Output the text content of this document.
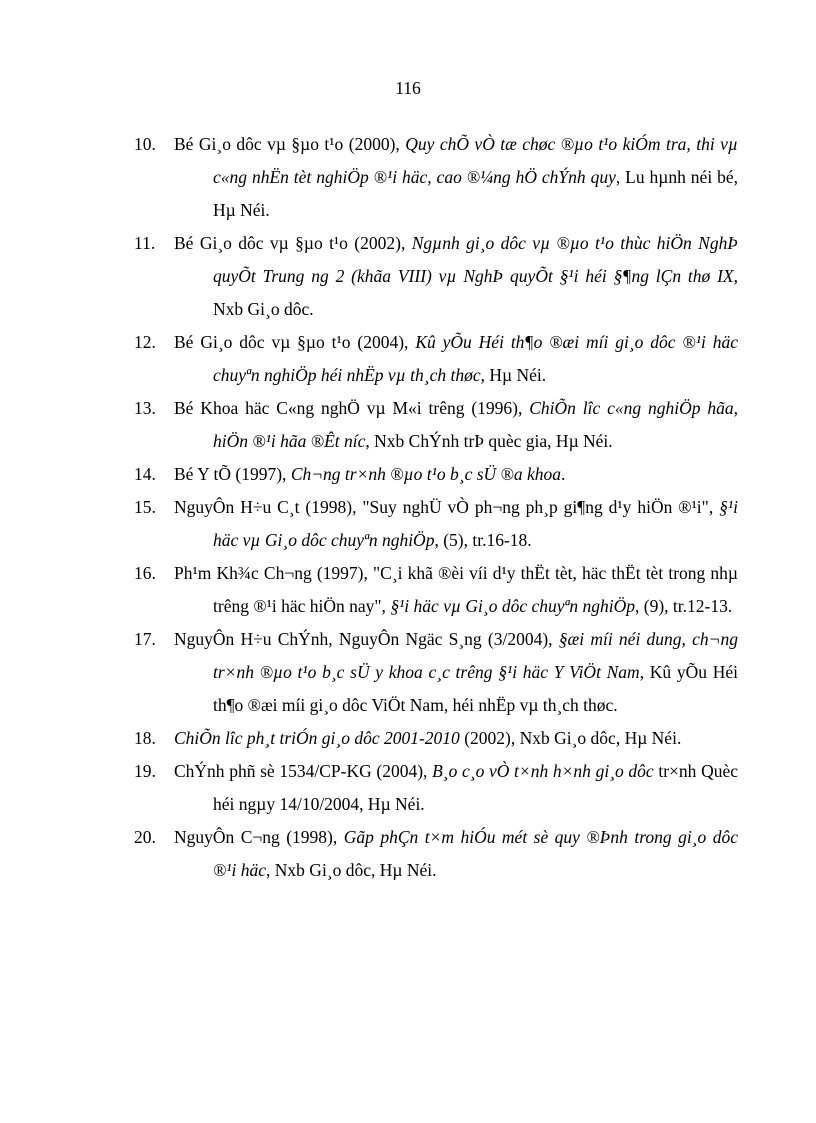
116
10. Bé Gi¸o dôc vµ §µo t¹o (2000), Quy chÕ vÒ tæ chøc ®µo t¹o kiÓm tra, thi vµ c«ng nhËn tèt nghiÖp ®¹i häc, cao ®¼ng hÖ chÝnh quy, Lu hµnh néi bé, Hµ Néi.
11. Bé Gi¸o dôc vµ §µo t¹o (2002), Ngµnh gi¸o dôc vµ ®µo t¹o thùc hiÖn NghÞ quyÕt Trung ng 2 (khãa VIII) vµ NghÞ quyÕt §¹i héi §¶ng lÇn thø IX, Nxb Gi¸o dôc.
12. Bé Gi¸o dôc vµ §µo t¹o (2004), Kû yÕu Héi th¶o ®æi míi gi¸o dôc ®¹i häc chuyªn nghiÖp héi nhËp vµ th¸ch thøc, Hµ Néi.
13. Bé Khoa häc C«ng nghÖ vµ M«i trêng (1996), ChiÕn lîc c«ng nghiÖp hãa, hiÖn ®¹i hãa ®Êt níc, Nxb ChÝnh trÞ quèc gia, Hµ Néi.
14. Bé Y tÕ (1997), Ch¬ng tr×nh ®µo t¹o b¸c sÜ ®a khoa.
15. NguyÔn H÷u C¸t (1998), "Suy nghÜ vÒ ph¬ng ph¸p gi¶ng d¹y hiÖn ®¹i", §¹i häc vµ Gi¸o dôc chuyªn nghiÖp, (5), tr.16-18.
16. Ph¹m Kh¾c Ch¬ng (1997), "C¸i khã ®èi víi d¹y thËt tèt, häc thËt tèt trong nhµ trêng ®¹i häc hiÖn nay", §¹i häc vµ Gi¸o dôc chuyªn nghiÖp, (9), tr.12-13.
17. NguyÔn H÷u ChÝnh, NguyÔn Ngäc S¸ng (3/2004), §æi míi néi dung, ch¬ng tr×nh ®µo t¹o b¸c sÜ y khoa c¸c trêng §¹i häc Y ViÖt Nam, Kû yÕu Héi th¶o ®æi míi gi¸o dôc ViÖt Nam, héi nhËp vµ th¸ch thøc.
18. ChiÕn lîc ph¸t triÓn gi¸o dôc 2001-2010 (2002), Nxb Gi¸o dôc, Hµ Néi.
19. ChÝnh phñ sè 1534/CP-KG (2004), B¸o c¸o vÒ t×nh h×nh gi¸o dôc tr×nh Quèc héi ngµy 14/10/2004, Hµ Néi.
20. NguyÔn C¬ng (1998), Gãp phÇn t×m hiÓu mét sè quy ®Þnh trong gi¸o dôc ®¹i häc, Nxb Gi¸o dôc, Hµ Néi.
